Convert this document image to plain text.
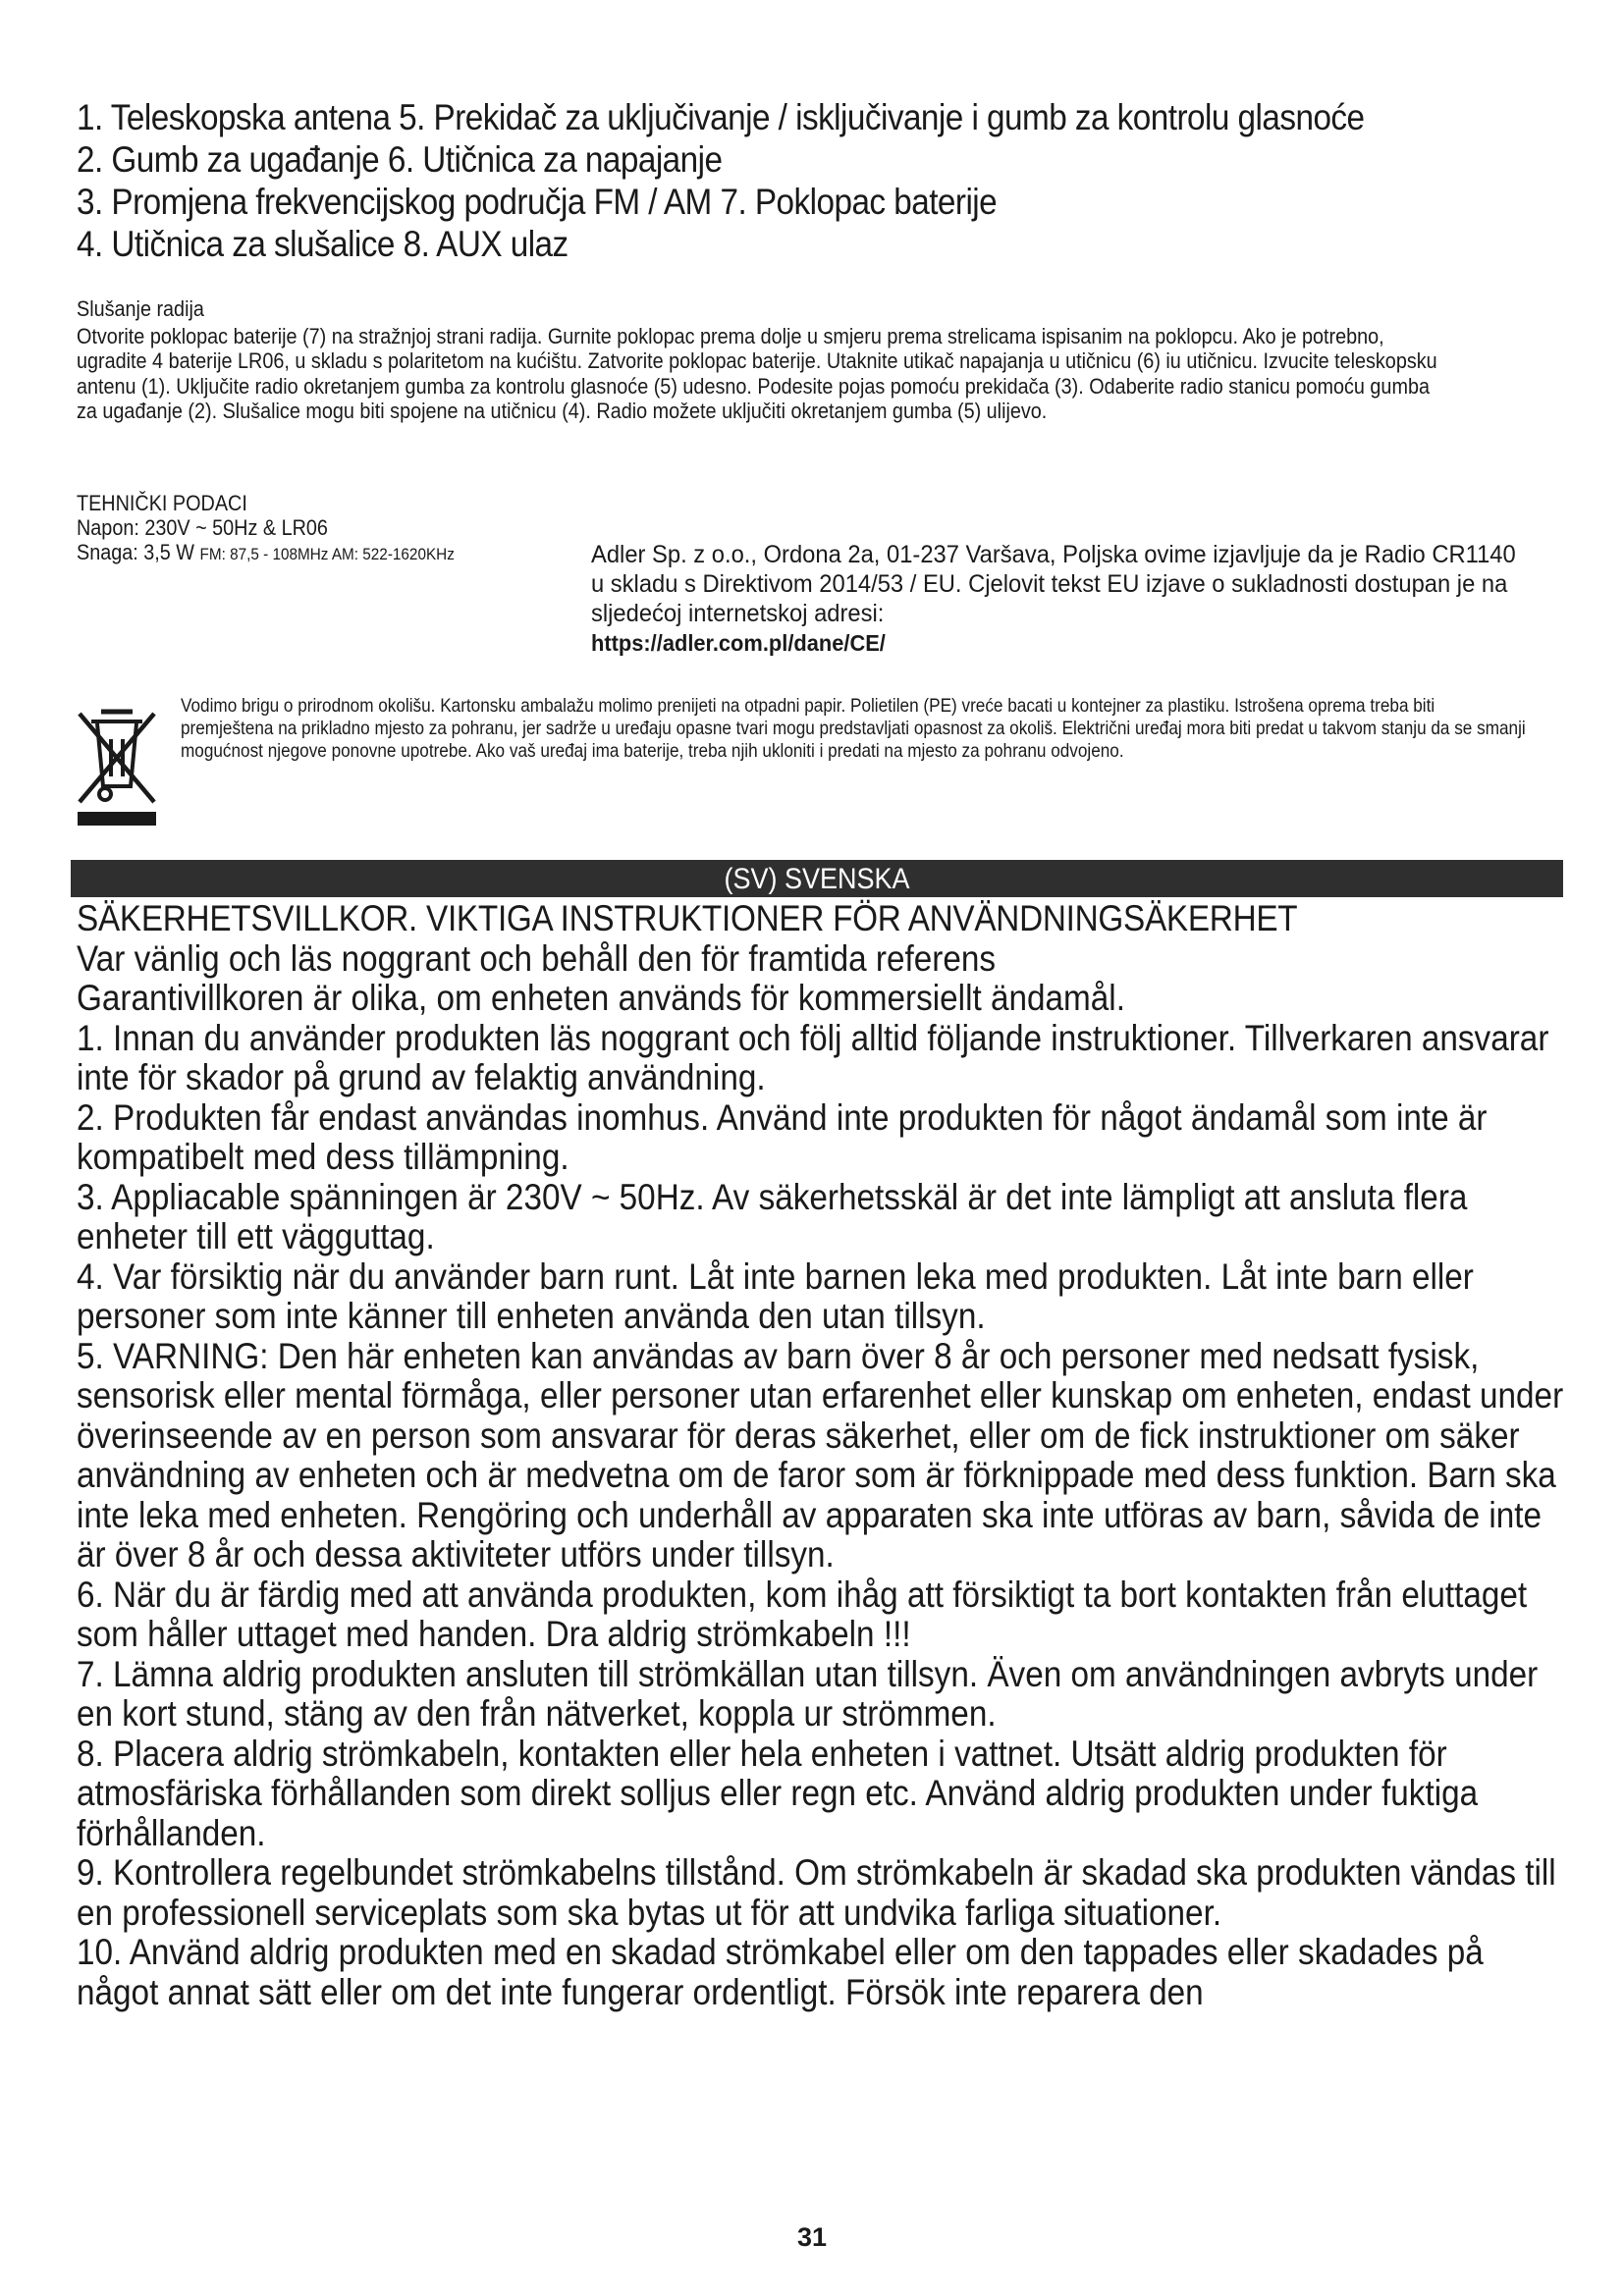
1. Teleskopska antena 5. Prekidač za uključivanje / isključivanje i gumb za kontrolu glasnoće
2. Gumb za ugađanje 6. Utičnica za napajanje
3. Promjena frekvencijskog područja FM / AM 7. Poklopac baterije
4. Utičnica za slušalice 8. AUX ulaz
Slušanje radija
Otvorite poklopac baterije (7) na stražnjoj strani radija. Gurnite poklopac prema dolje u smjeru prema strelicama ispisanim na poklopcu. Ako je potrebno, ugradite 4 baterije LR06, u skladu s polaritetom na kućištu. Zatvorite poklopac baterije. Utaknite utikač napajanja u utičnicu (6) iu utičnicu. Izvucite teleskopsku antenu (1). Uključite radio okretanjem gumba za kontrolu glasnoće (5) udesno. Podesite pojas pomoću prekidača (3). Odaberite radio stanicu pomoću gumba za ugađanje (2). Slušalice mogu biti spojene na utičnicu (4). Radio možete uključiti okretanjem gumba (5) ulijevo.
TEHNIČKI PODACI
Napon: 230V ~ 50Hz & LR06
Snaga: 3,5 W FM: 87,5 - 108MHz AM: 522-1620KHz	Adler Sp. z o.o., Ordona 2a, 01-237 Varšava, Poljska ovime izjavljuje da je Radio CR1140 u skladu s Direktivom 2014/53 / EU. Cjelovit tekst EU izjave o sukladnosti dostupan je na sljedećoj internetskoj adresi:
https://adler.com.pl/dane/CE/
Vodimo brigu o prirodnom okolišu. Kartonsku ambalažu molimo prenijeti na otpadni papir. Polietilen (PE) vreće bacati u kontejner za plastiku. Istrošena oprema treba biti premještena na prikladno mjesto za pohranu, jer sadrže u uređaju opasne tvari mogu predstavljati opasnost za okoliš. Električni uređaj mora biti predat u takvom stanju da se smanji mogućnost njegove ponovne upotrebe. Ako vaš uređaj ima baterije, treba njih ukloniti i predati na mjesto za pohranu odvojeno.
(SV) SVENSKA

SÄKERHETSVILLKOR. VIKTIGA INSTRUKTIONER FÖR ANVÄNDNINGSÄKERHET

Var vänlig och läs noggrant och behåll den för framtida referens

Garantivillkoren är olika, om enheten används för kommersiellt ändamål.

1. Innan du använder produkten läs noggrant och följ alltid följande instruktioner. Tillverkaren ansvarar inte för skador på grund av felaktig användning.

2. Produkten får endast användas inomhus. Använd inte produkten för något ändamål som inte är kompatibelt med dess tillämpning.

3. Appliacable spänningen är 230V ~ 50Hz. Av säkerhetsskäl är det inte lämpligt att ansluta flera enheter till ett vägguttag.

4. Var försiktig när du använder barn runt. Låt inte barnen leka med produkten. Låt inte barn eller personer som inte känner till enheten använda den utan tillsyn.

5. VARNING: Den här enheten kan användas av barn över 8 år och personer med nedsatt fysisk, sensorisk eller mental förmåga, eller personer utan erfarenhet eller kunskap om enheten, endast under överinseende av en person som ansvarar för deras säkerhet, eller om de fick instruktioner om säker användning av enheten och är medvetna om de faror som är förknippade med dess funktion. Barn ska inte leka med enheten. Rengöring och underhåll av apparaten ska inte utföras av barn, såvida de inte är över 8 år och dessa aktiviteter utförs under tillsyn.

6. När du är färdig med att använda produkten, kom ihåg att försiktigt ta bort kontakten från eluttaget som håller uttaget med handen. Dra aldrig strömkabeln !!!

7. Lämna aldrig produkten ansluten till strömkällan utan tillsyn. Även om användningen avbryts under en kort stund, stäng av den från nätverket, koppla ur strömmen.

8. Placera aldrig strömkabeln, kontakten eller hela enheten i vattnet. Utsätt aldrig produkten för atmosfäriska förhållanden som direkt solljus eller regn etc. Använd aldrig produkten under fuktiga förhållanden.

9. Kontrollera regelbundet strömkabelns tillstånd. Om strömkabeln är skadad ska produkten vändas till en professionell serviceplats som ska bytas ut för att undvika farliga situationer.

10. Använd aldrig produkten med en skadad strömkabel eller om den tappades eller skadades på något annat sätt eller om det inte fungerar ordentligt. Försök inte reparera den

31
